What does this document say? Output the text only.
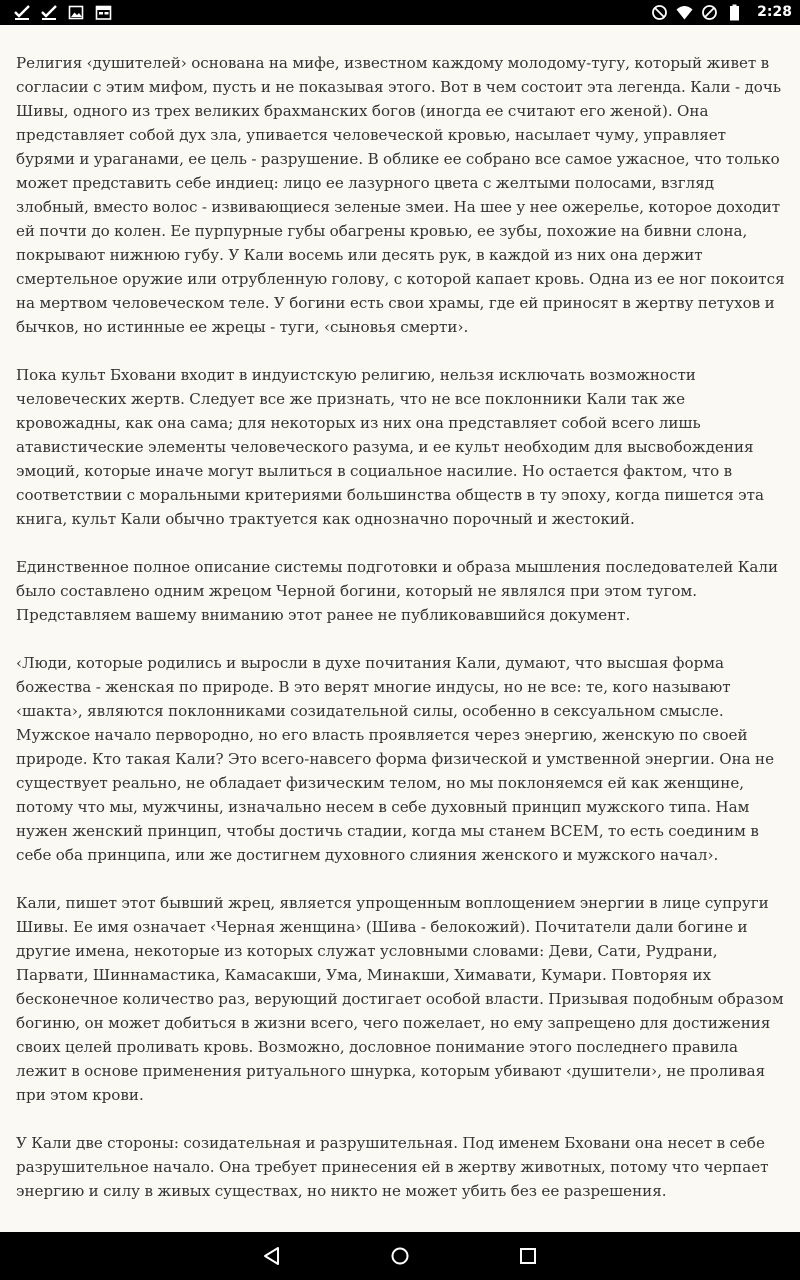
2:28

Религия ‹душителей› основана на мифе, известном каждому молодому-тугу, который живет в согласии с этим мифом, пусть и не показывая этого. Вот в чем состоит эта легенда. Кали - дочь Шивы, одного из трех великих брахманских богов (иногда ее считают его женой). Она представляет собой дух зла, упивается человеческой кровью, насылает чуму, управляет бурями и ураганами, ее цель - разрушение. В облике ее собрано все самое ужасное, что только может представить себе индиец: лицо ее лазурного цвета с желтыми полосами, взгляд злобный, вместо волос - извивающиеся зеленые змеи. На шее у нее ожерелье, которое доходит ей почти до колен. Ее пурпурные губы обагрены кровью, ее зубы, похожие на бивни слона, покрывают нижнюю губу. У Кали восемь или десять рук, в каждой из них она держит смертельное оружие или отрубленную голову, с которой капает кровь. Одна из ее ног покоится на мертвом человеческом теле. У богини есть свои храмы, где ей приносят в жертву петухов и бычков, но истинные ее жрецы - туги, ‹сыновья смерти›.

Пока культ Бховани входит в индуистскую религию, нельзя исключать возможности человеческих жертв. Следует все же признать, что не все поклонники Кали так же кровожадны, как она сама; для некоторых из них она представляет собой всего лишь атавистические элементы человеческого разума, и ее культ необходим для высвобождения эмоций, которые иначе могут вылиться в социальное насилие. Но остается фактом, что в соответствии с моральными критериями большинства обществ в ту эпоху, когда пишется эта книга, культ Кали обычно трактуется как однозначно порочный и жестокий.

Единственное полное описание системы подготовки и образа мышления последователей Кали было составлено одним жрецом Черной богини, который не являлся при этом тугом. Представляем вашему вниманию этот ранее не публиковавшийся документ.

‹Люди, которые родились и выросли в духе почитания Кали, думают, что высшая форма божества - женская по природе. В это верят многие индусы, но не все: те, кого называют ‹шакта›, являются поклонниками созидательной силы, особенно в сексуальном смысле. Мужское начало первородно, но его власть проявляется через энергию, женскую по своей природе. Кто такая Кали? Это всего-навсего форма физической и умственной энергии. Она не существует реально, не обладает физическим телом, но мы поклоняемся ей как женщине, потому что мы, мужчины, изначально несем в себе духовный принцип мужского типа. Нам нужен женский принцип, чтобы достичь стадии, когда мы станем ВСЕМ, то есть соединим в себе оба принципа, или же достигнем духовного слияния женского и мужского начал›.

Кали, пишет этот бывший жрец, является упрощенным воплощением энергии в лице супруги Шивы. Ее имя означает ‹Черная женщина› (Шива - белокожий). Почитатели дали богине и другие имена, некоторые из которых служат условными словами: Деви, Сати, Рудрани, Парвати, Шиннамастика, Камасакши, Ума, Минакши, Химавати, Кумари. Повторяя их бесконечное количество раз, верующий достигает особой власти. Призывая подобным образом богиню, он может добиться в жизни всего, чего пожелает, но ему запрещено для достижения своих целей проливать кровь. Возможно, дословное понимание этого последнего правила лежит в основе применения ритуального шнурка, которым убивают ‹душители›, не проливая при этом крови.

У Кали две стороны: созидательная и разрушительная. Под именем Бховани она несет в себе разрушительное начало. Она требует принесения ей в жертву животных, потому что черпает энергию и силу в живых существах, но никто не может убить без ее разрешения.
